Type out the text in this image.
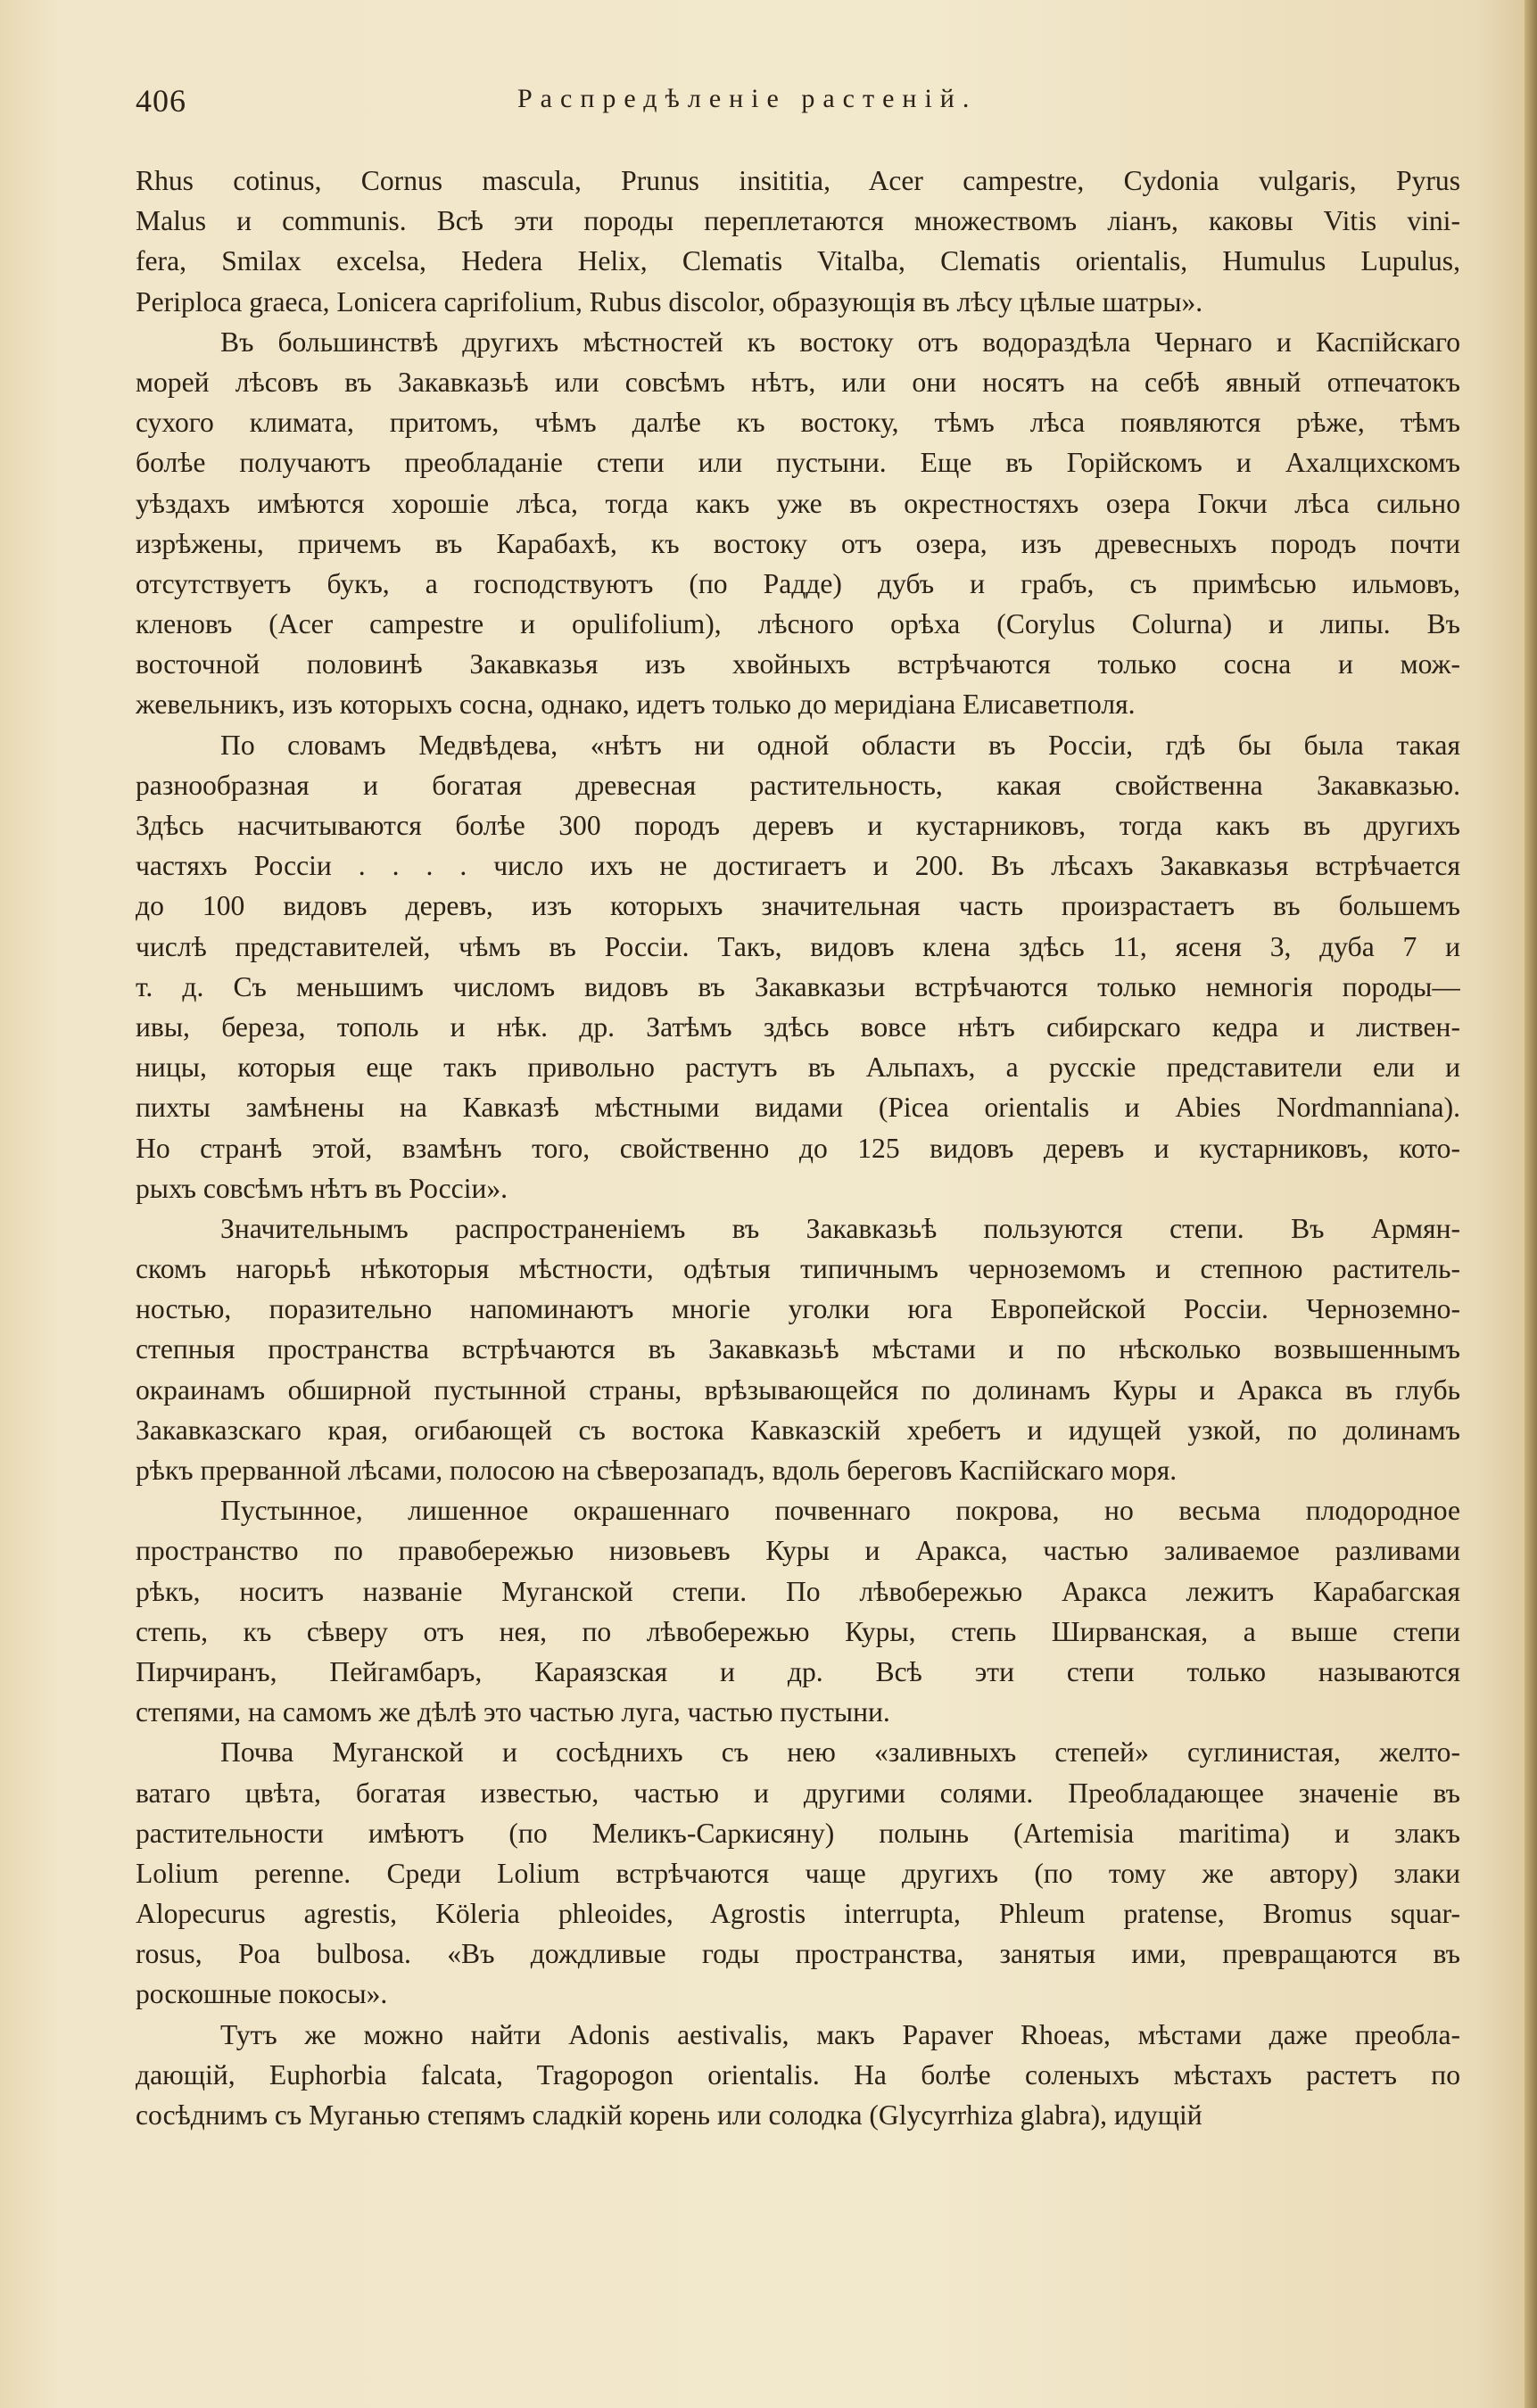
406	Распредѣленіе растеній.
Rhus cotinus, Cornus mascula, Prunus insititia, Acer campestre, Cydonia vulgaris, Pyrus
Malus и communis. Всѣ эти породы переплетаются множествомъ ліанъ, каковы Vitis vini-
fera, Smilax excelsa, Hedera Helix, Clematis Vitalba, Clematis orientalis, Humulus Lupulus,
Periploca graeca, Lonicera caprifolium, Rubus discolor, образующія въ лѣсу цѣлые шатры».
Въ большинствѣ другихъ мѣстностей къ востоку отъ водораздѣла Чернаго и Каспійскаго
морей лѣсовъ въ Закавказьѣ или совсѣмъ нѣтъ, или они носятъ на себѣ явный отпечатокъ
сухого климата, притомъ, чѣмъ далѣе къ востоку, тѣмъ лѣса появляются рѣже, тѣмъ
болѣе получаютъ преобладаніе степи или пустыни. Еще въ Горійскомъ и Ахалцихскомъ
уѣздахъ имѣются хорошіе лѣса, тогда какъ уже въ окрестностяхъ озера Гокчи лѣса сильно
изрѣжены, причемъ въ Карабахѣ, къ востоку отъ озера, изъ древесныхъ породъ почти
отсутствуетъ букъ, а господствуютъ (по Радде) дубъ и грабъ, съ примѣсью ильмовъ,
кленовъ (Acer campestre и opulifolium), лѣсного орѣха (Corylus Colurna) и липы. Въ
восточной половинѣ Закавказья изъ хвойныхъ встрѣчаются только сосна и мож-
жевельникъ, изъ которыхъ сосна, однако, идетъ только до меридіана Елисаветполя.
По словамъ Медвѣдева, «нѣтъ ни одной области въ Россіи, гдѣ бы была такая
разнообразная и богатая древесная растительность, какая свойственна Закавказью.
Здѣсь насчитываются болѣе 300 породъ деревъ и кустарниковъ, тогда какъ въ другихъ
частяхъ Россіи . . . . число ихъ не достигаетъ и 200. Въ лѣсахъ Закавказья встрѣчается
до 100 видовъ деревъ, изъ которыхъ значительная часть произрастаетъ въ большемъ
числѣ представителей, чѣмъ въ Россіи. Такъ, видовъ клена здѣсь 11, ясеня 3, дуба 7 и
т. д. Съ меньшимъ числомъ видовъ въ Закавказьи встрѣчаются только немногія породы—
ивы, береза, тополь и нѣк. др. Затѣмъ здѣсь вовсе нѣтъ сибирскаго кедра и листвен-
ницы, которыя еще такъ привольно растутъ въ Альпахъ, а русскіе представители ели и
пихты замѣнены на Кавказѣ мѣстными видами (Picea orientalis и Abies Nordmanniana).
Но странѣ этой, взамѣнъ того, свойственно до 125 видовъ деревъ и кустарниковъ, кото-
рыхъ совсѣмъ нѣтъ въ Россіи».
Значительнымъ распространеніемъ въ Закавказьѣ пользуются степи. Въ Армян-
скомъ нагорьѣ нѣкоторыя мѣстности, одѣтыя типичнымъ черноземомъ и степною раститель-
ностью, поразительно напоминаютъ многіе уголки юга Европейской Россіи. Черноземно-
степныя пространства встрѣчаются въ Закавказьѣ мѣстами и по нѣсколько возвышеннымъ
окраинамъ обширной пустынной страны, врѣзывающейся по долинамъ Куры и Аракса въ глубь
Закавказскаго края, огибающей съ востока Кавказскій хребетъ и идущей узкой, по долинамъ
рѣкъ прерванной лѣсами, полосою на сѣверозападъ, вдоль береговъ Каспійскаго моря.
Пустынное, лишенное окрашеннаго почвеннаго покрова, но весьма плодородное
пространство по правобережью низовьевъ Куры и Аракса, частью заливаемое разливами
рѣкъ, носитъ названіе Муганской степи. По лѣвобережью Аракса лежитъ Карабагская
степь, къ сѣверу отъ нея, по лѣвобережью Куры, степь Ширванская, а выше степи
Пирчиранъ, Пейгамбаръ, Караязская и др. Всѣ эти степи только называются
степями, на самомъ же дѣлѣ это частью луга, частью пустыни.
Почва Муганской и сосѣднихъ съ нею «заливныхъ степей» суглинистая, желто-
ватаго цвѣта, богатая известью, частью и другими солями. Преобладающее значеніе въ
растительности имѣютъ (по Меликъ-Саркисяну) полынь (Artemisia maritima) и злакъ
Lolium perenne. Среди Lolium встрѣчаются чаще другихъ (по тому же автору) злаки
Alopecurus agrestis, Köleria phleoides, Agrostis interrupta, Phleum pratense, Bromus squar-
rosus, Poa bulbosa. «Въ дождливые годы пространства, занятыя ими, превращаются въ
роскошные покосы».
Тутъ же можно найти Adonis aestivalis, макъ Papaver Rhoeas, мѣстами даже преобла-
дающій, Euphorbia falcata, Tragopogon orientalis. На болѣе соленыхъ мѣстахъ растетъ по
сосѣднимъ съ Муганью степямъ сладкій корень или солодка (Glycyrrhiza glabra), идущій
